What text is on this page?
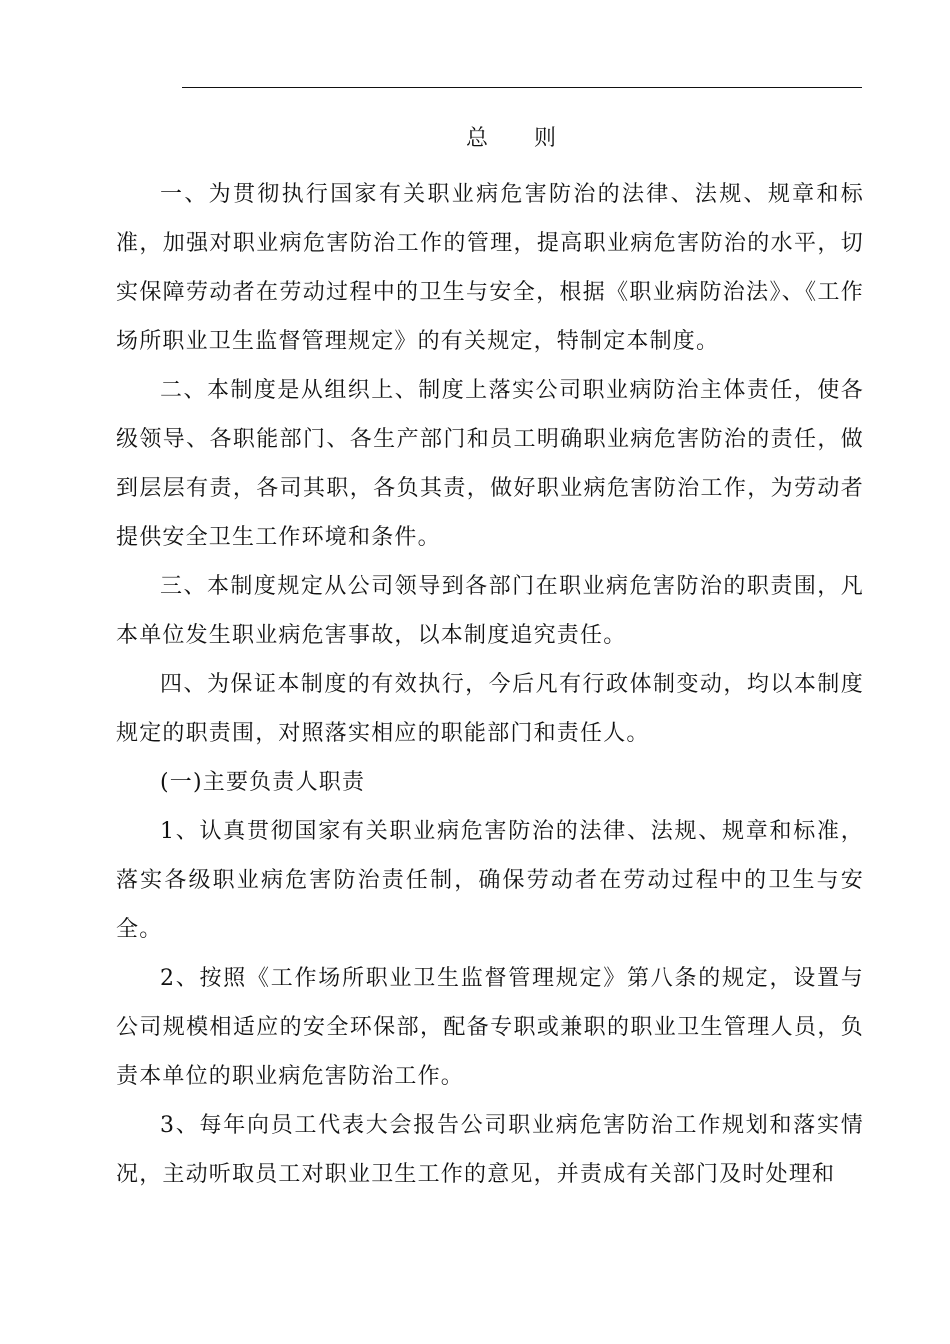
总 则

一、为贯彻执行国家有关职业病危害防治的法律、法规、规章和标准，加强对职业病危害防治工作的管理，提高职业病危害防治的水平，切实保障劳动者在劳动过程中的卫生与安全，根据《职业病防治法》、《工作场所职业卫生监督管理规定》的有关规定，特制定本制度。

二、本制度是从组织上、制度上落实公司职业病防治主体责任，使各级领导、各职能部门、各生产部门和员工明确职业病危害防治的责任，做到层层有责，各司其职，各负其责，做好职业病危害防治工作，为劳动者提供安全卫生工作环境和条件。

三、本制度规定从公司领导到各部门在职业病危害防治的职责围，凡本单位发生职业病危害事故，以本制度追究责任。

四、为保证本制度的有效执行，今后凡有行政体制变动，均以本制度规定的职责围，对照落实相应的职能部门和责任人。

(一)主要负责人职责

1、认真贯彻国家有关职业病危害防治的法律、法规、规章和标准，落实各级职业病危害防治责任制，确保劳动者在劳动过程中的卫生与安全。

2、按照《工作场所职业卫生监督管理规定》第八条的规定，设置与公司规模相适应的安全环保部，配备专职或兼职的职业卫生管理人员，负责本单位的职业病危害防治工作。

3、每年向员工代表大会报告公司职业病危害防治工作规划和落实情况，主动听取员工对职业卫生工作的意见，并责成有关部门及时处理和
